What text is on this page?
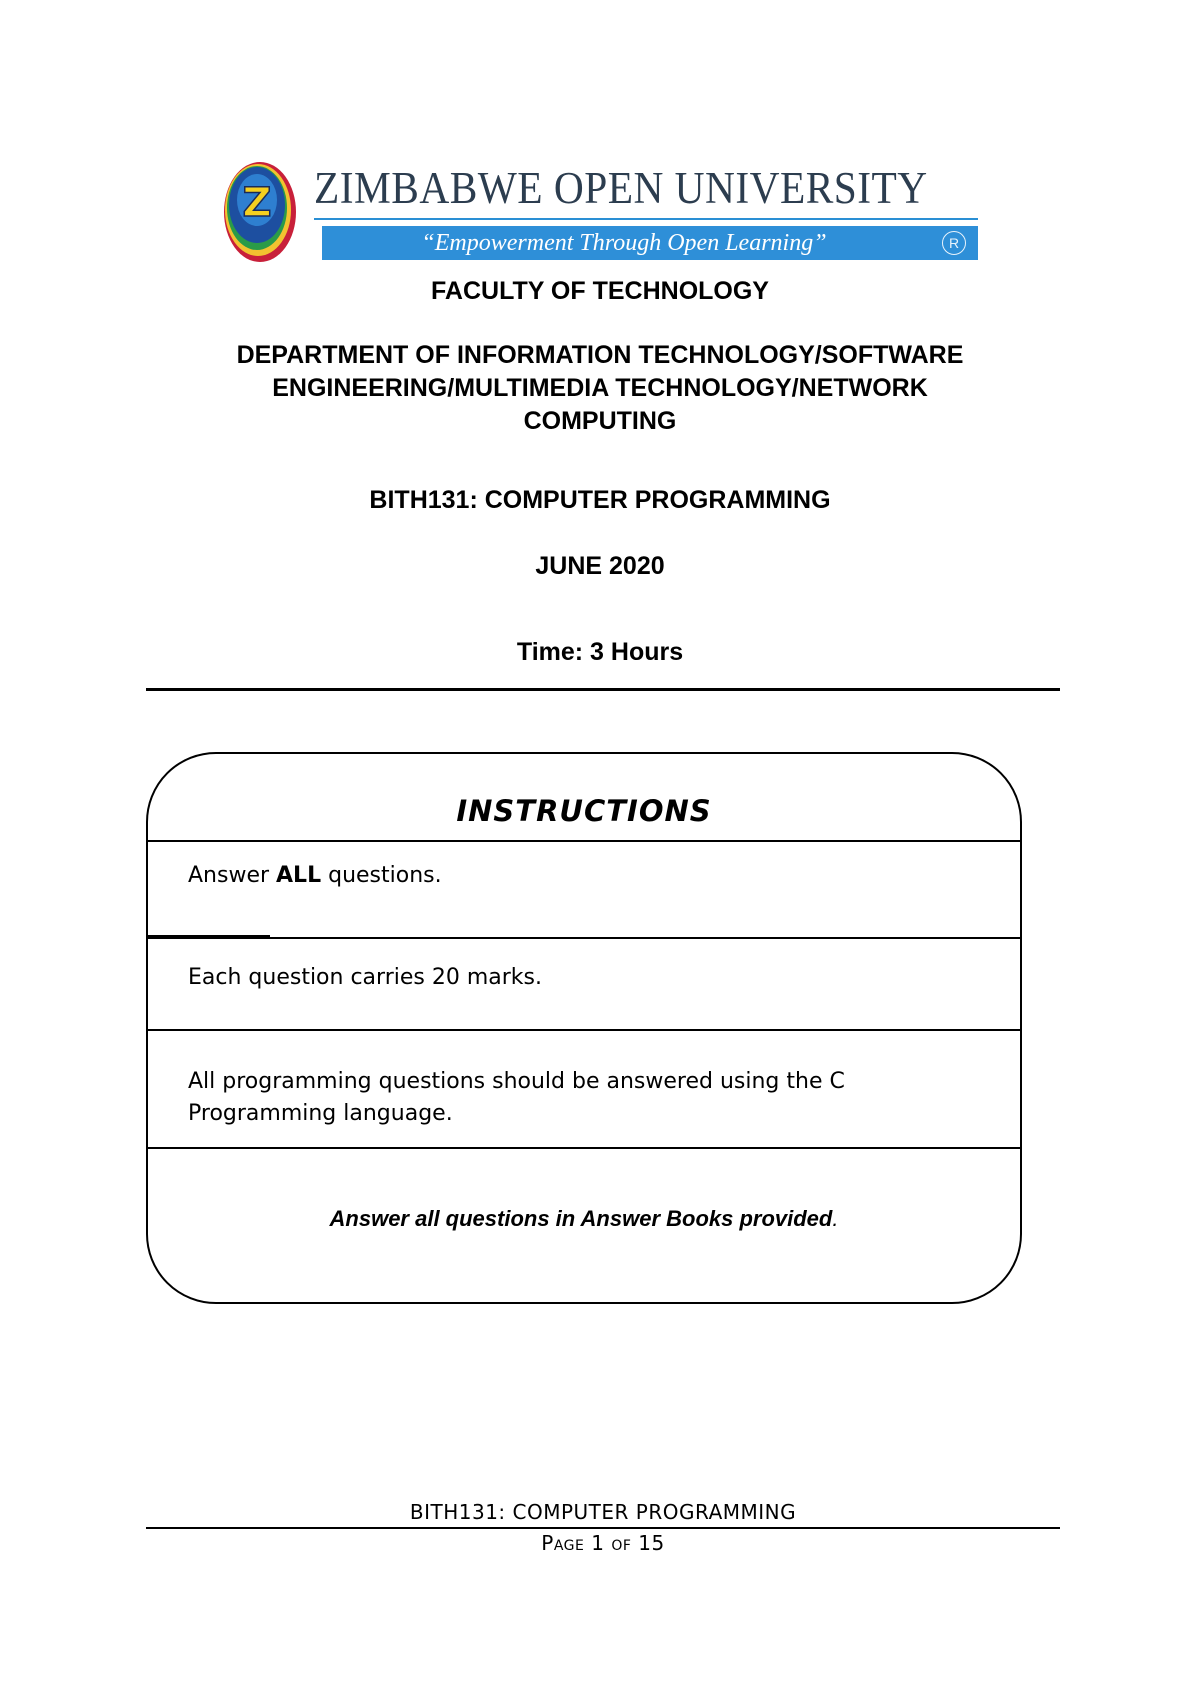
Z ZIMBABWE OPEN UNIVERSITY
“Empowerment Through Open Learning”	R
FACULTY OF TECHNOLOGY
DEPARTMENT OF INFORMATION TECHNOLOGY/SOFTWARE
ENGINEERING/MULTIMEDIA TECHNOLOGY/NETWORK
COMPUTING
BITH131: COMPUTER PROGRAMMING
JUNE 2020
Time: 3 Hours
INSTRUCTIONS
Answer ALL questions.
Each question carries 20 marks.
All programming questions should be answered using the C
Programming language.
Answer all questions in Answer Books provided.
BITH131: COMPUTER PROGRAMMING
Page 1 of 15
